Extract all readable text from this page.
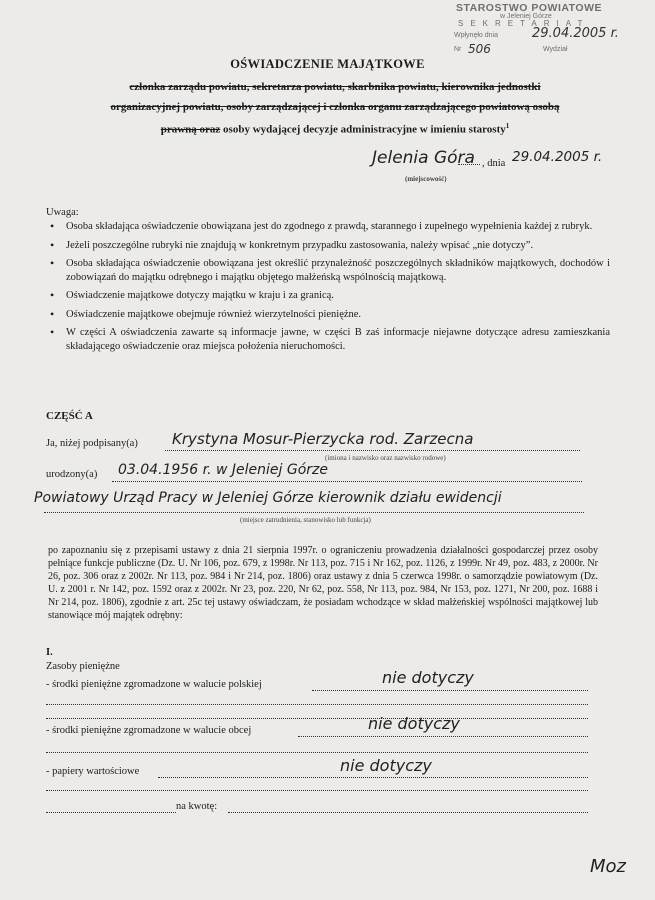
STAROSTWO POWIATOWE
w Jeleniej Górze
SEKRETARIAT
Wpłynęło dnia	29.04.2005 r.
Nr 506	Wydział
OŚWIADCZENIE MAJĄTKOWE
członka zarządu powiatu, sekretarza powiatu, skarbnika powiatu, kierownika jednostki
organizacyjnej powiatu, osoby zarządzającej i członka organu zarządzającego powiatową osobą
prawną oraz osoby wydającej decyzje administracyjne w imieniu starosty$^1$
Jelenia Góra , dnia 29.04.2005 r.
(miejscowość)
Uwaga:
• Osoba składająca oświadczenie obowiązana jest do zgodnego z prawdą, starannego i zupełnego wypełnienia każdej z rubryk.
• Jeżeli poszczególne rubryki nie znajdują w konkretnym przypadku zastosowania, należy wpisać „nie dotyczy”.
• Osoba składająca oświadczenie obowiązana jest określić przynależność poszczególnych składników majątkowych, dochodów i zobowiązań do majątku odrębnego i majątku objętego małżeńską wspólnością majątkową.
• Oświadczenie majątkowe dotyczy majątku w kraju i za granicą.
• Oświadczenie majątkowe obejmuje również wierzytelności pieniężne.
• W części A oświadczenia zawarte są informacje jawne, w części B zaś informacje niejawne dotyczące adresu zamieszkania składającego oświadczenie oraz miejsca położenia nieruchomości.
CZĘŚĆ A
Ja, niżej podpisany(a) Krystyna Mosur-Pierzycka rod. Zarzecna
(imiona i nazwisko oraz nazwisko rodowe)
urodzony(a) 03.04.1956 r. w Jeleniej Górze
Powiatowy Urząd Pracy w Jeleniej Górze kierownik działu ewidencji
(miejsce zatrudnienia, stanowisko lub funkcja)
po zapoznaniu się z przepisami ustawy z dnia 21 sierpnia 1997r. o ograniczeniu prowadzenia działalności gospodarczej przez osoby pełniące funkcje publiczne (Dz. U. Nr 106, poz. 679, z 1998r. Nr 113, poz. 715 i Nr 162, poz. 1126, z 1999r. Nr 49, poz. 483, z 2000r. Nr 26, poz. 306 oraz z 2002r. Nr 113, poz. 984 i Nr 214, poz. 1806) oraz ustawy z dnia 5 czerwca 1998r. o samorządzie powiatowym (Dz. U. z 2001 r. Nr 142, poz. 1592 oraz z 2002r. Nr 23, poz. 220, Nr 62, poz. 558, Nr 113, poz. 984, Nr 153, poz. 1271, Nr 200, poz. 1688 i Nr 214, poz. 1806), zgodnie z art. 25c tej ustawy oświadczam, że posiadam wchodzące w skład małżeńskiej wspólności majątkowej lub stanowiące mój majątek odrębny:
I.
Zasoby pieniężne
- środki pieniężne zgromadzone w walucie polskiej	nie dotyczy
- środki pieniężne zgromadzone w walucie obcej	nie dotyczy
- papiery wartościowe	nie dotyczy
na kwotę:
Moz
